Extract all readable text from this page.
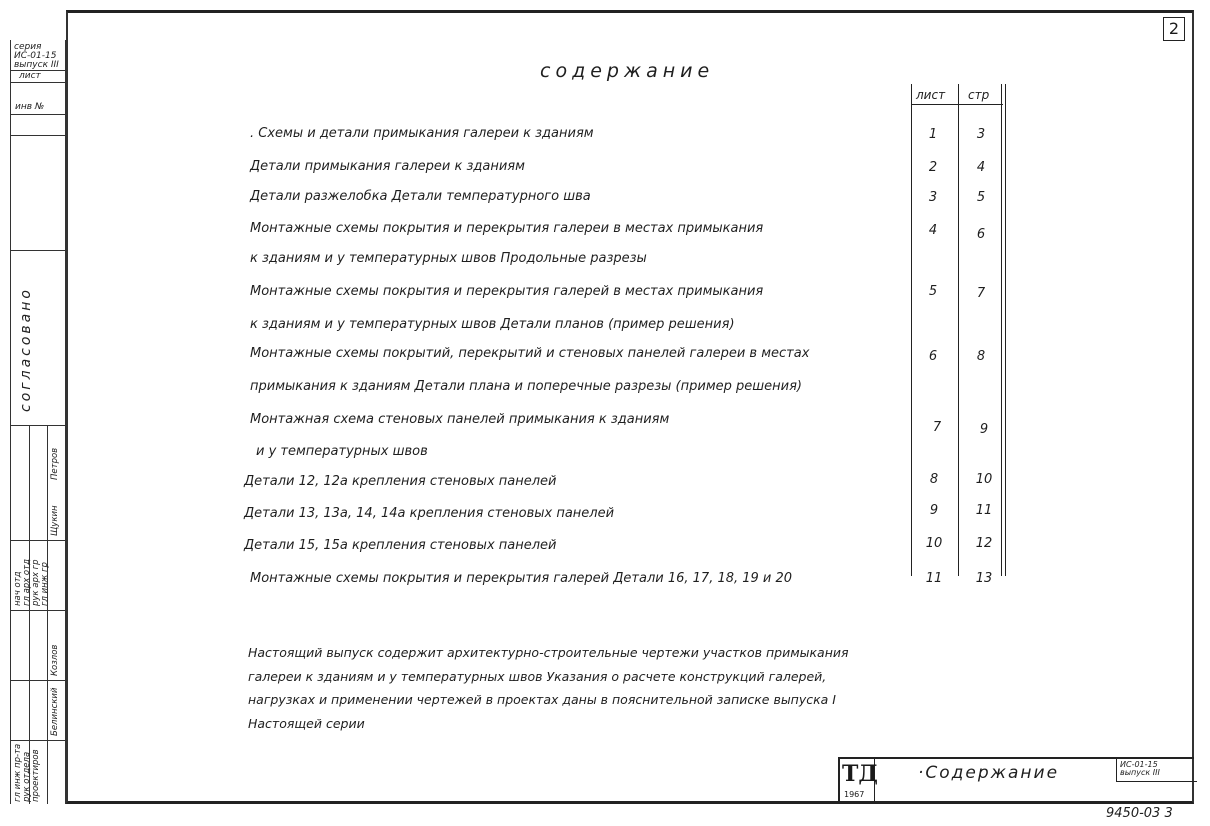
2
серия
ИС-01-15
выпуск III
лист
инв №
согласовано
гл инж пр-та рук отдела проектиров
нач отд гл арх отд рук арх гр гл инж гр
Белинский
Козлов
Щукин
Петров
содержание
лист стр
. Схемы и детали примыкания галереи к зданиям	1	3
Детали примыкания галереи к зданиям	2	4
Детали разжелобка Детали температурного шва	3	5
Монтажные схемы покрытия и перекрытия галереи в местах примыкания
к зданиям и у температурных швов Продольные разрезы
4	6
Монтажные схемы покрытия и перекрытия галерей в местах примыкания
к зданиям и у температурных швов Детали планов (пример решения)
5	7
Монтажные схемы покрытий, перекрытий и стеновых панелей галереи в местах
примыкания к зданиям Детали плана и поперечные разрезы (пример решения)
6	8
Монтажная схема стеновых панелей примыкания к зданиям
и у температурных швов
7	9
Детали 12, 12а крепления стеновых панелей	8	10
Детали 13, 13а, 14, 14а крепления стеновых панелей	9	11
Детали 15, 15а крепления стеновых панелей	10	12
Монтажные схемы покрытия и перекрытия галерей Детали 16, 17, 18, 19 и 20	11	13
Настоящий выпуск содержит архитектурно-строительные чертежи участков примыкания
галереи к зданиям и у температурных швов Указания о расчете конструкций галерей,
нагрузках и применении чертежей в проектах даны в пояснительной записке выпуска I
Настоящей серии
ТД
1967
·Содержание	ИС-01-15
выпуск III
9450-03 3
